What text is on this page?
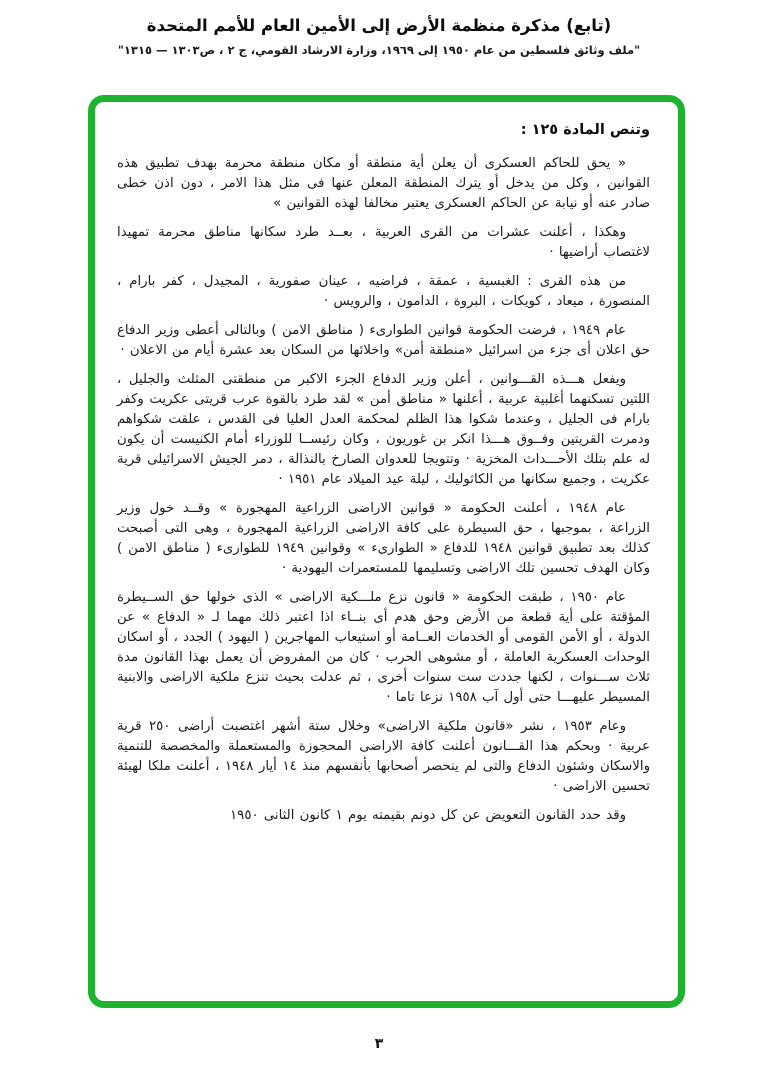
(تابع) مذكرة منظمة الأرض إلى الأمين العام للأمم المتحدة
"ملف وثائق فلسطين من عام ١٩٥٠ إلى ١٩٦٩، وزارة الارشاد القومي، ج ٢ ، ص١٣٠٣ — ١٣١٥"
وتنص المادة ١٢٥ :

« يحق للحاكم العسكرى أن يعلن أية منطقة أو مكان منطقة محرمة بهدف تطبيق هذه القوانين ، وكل من يدخل أو يترك المنطقة المعلن عنها فى مثل هذا الامر ، دون اذن خطى صادر عنه أو نيابة عن الحاكم العسكرى يعتبر مخالفا لهذه القوانين »

وهكذا ، أعلنت عشرات من القرى العربية ، بعــد طرد سكانها مناطق محرمة تمهيدا لاغتصاب أراضيها ·

من هذه القرى : الغبسية ، عمقة ، فراضيه ، عينان صفورية ، المجيدل ، كفر بارام ، المنصورة ، ميعاد ، كويكات ، البروة ، الدامون ، والرويس ·

عام ١٩٤٩ ، فرضت الحكومة قوانين الطوارىء ( مناطق الامن ) وبالتالى أعطى وزير الدفاع حق اعلان أى جزء من اسرائيل «منطقة أمن» واخلائها من السكان بعد عشرة أيام من الاعلان ·

ويفعل هـــذه القـــوانين ، أعلن وزير الدفاع الجزء الاكبر من منطقتى المثلث والجليل ، اللتين تسكنهما أغلبية عربية ، أعلنها « مناطق أمن » لقد طرد بالقوة عرب قريتى عكريت وكفر بارام فى الجليل ، وعندما شكوا هذا الظلم لمحكمة العدل العليا فى القدس ، علقت شكواهم ودمرت القريتين وفــوق هـــذا انكر بن غوريون ، وكان رئيســا للوزراء أمام الكنيست أن يكون له علم بتلك الأحـــداث المخزية · وتتويجا للعدوان الصارخ بالنذالة ، دمر الجيش الاسرائيلى قرية عكريت ، وجميع سكانها من الكاثوليك ، ليلة عيد الميلاد عام ١٩٥١ ·

عام ١٩٤٨ ، أعلنت الحكومة « قوانين الاراضى الزراعية المهجورة » وقــد خول وزير الزراعة ، بموجبها ، حق السيطرة على كافة الاراضى الزراعية المهجورة ، وهى التى أصبحت كذلك بعد تطبيق قوانين ١٩٤٨ للدفاع « الطوارىء » وقوانين ١٩٤٩ للطوارىء ( مناطق الامن ) وكان الهدف تحسين تلك الاراضى وتسليمها للمستعمرات اليهودية ·

عام ١٩٥٠ ، طبقت الحكومة « قانون نزع ملـــكية الاراضى » الذى خولها حق الســيطرة المؤقتة على أية قطعة من الأرض وحق هدم أى بنــاء اذا اعتبر ذلك مهما لـ « الدفاع » عن الدولة ، أو الأمن القومى أو الخدمات العــامة أو استيعاب المهاجرين ( اليهود ) الجدد ، أو اسكان الوحدات العسكرية العاملة ، أو مشوهى الحرب · كان من المفروض أن يعمل بهذا القانون مدة ثلاث ســـنوات ، لكنها جددت ست سنوات أخرى ، ثم عدلت بحيث تنزع ملكية الاراضى والابنية المسيطر عليهـــا حتى أول آب ١٩٥٨ نزعا تاما ·

وعام ١٩٥٣ ، نشر «قانون ملكية الاراضى» وخلال ستة أشهر اغتصبت أراضى ٢٥٠ قرية عربية · وبحكم هذا القـــانون أعلنت كافة الاراضى المحجوزة والمستعملة والمخصصة للتنمية والاسكان وشئون الدفاع والتى لم ينحصر أصحابها بأنفسهم منذ ١٤ أيار ١٩٤٨ ، أعلنت ملكا لهيئة تحسين الاراضى ·

وقد حدد القانون التعويض عن كل دونم بقيمته يوم ١ كانون الثانى ١٩٥٠

٣
